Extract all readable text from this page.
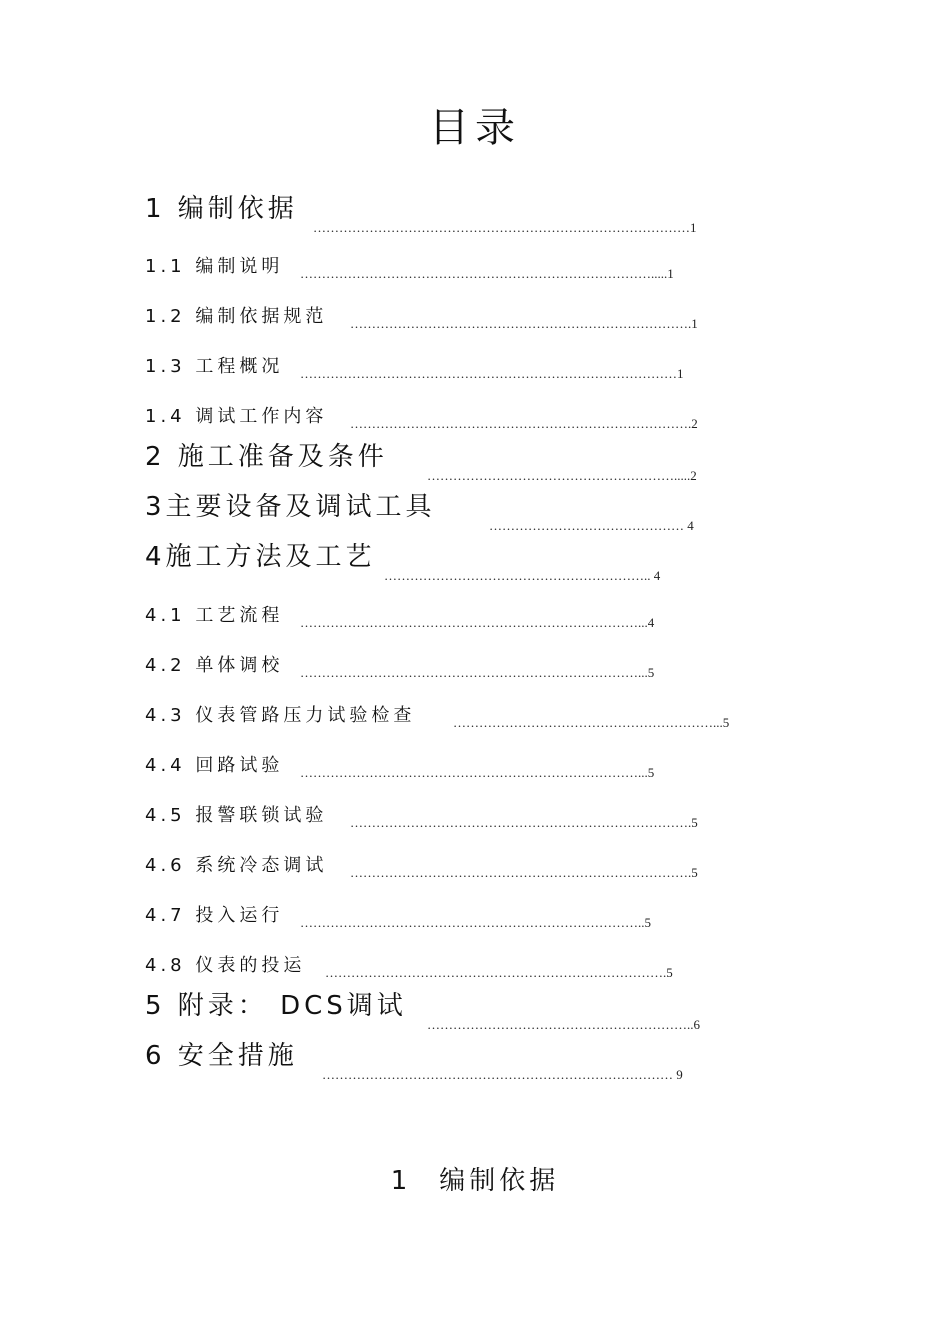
目录
1 编制依据
……………………………………………………………………………1
1.1 编制说明 ……………………………………………………………………….....1
1.2 编制依据规范 …………………………………………………………………….1
1.3 工程概况 ……………………………………………………………………………1
1.4 调试工作内容 …………………………………………………………………….2
2 施工准备及条件
………………………………………………….....2
3主要设备及调试工具
……………………………………… 4
4施工方法及工艺
…………………………………………………….. 4
4.1 工艺流程 ……………………………………………………………………...4
4.2 单体调校 ……………………………………………………………………...5
4.3 仪表管路压力试验检查	……………………………………………………...5
4.4 回路试验 ……………………………………………………………………...5
4.5 报警联锁试验 …………………………………………………………………….5
4.6 系统冷态调试 …………………………………………………………………….5
4.7 投入运行 ……………………………………………………………………..5
4.8 仪表的投运 …………………………………………………………………….5
5 附录： DCS调试
……………………………………………………..6
6 安全措施
……………………………………………………………………… 9
1 编制依据
